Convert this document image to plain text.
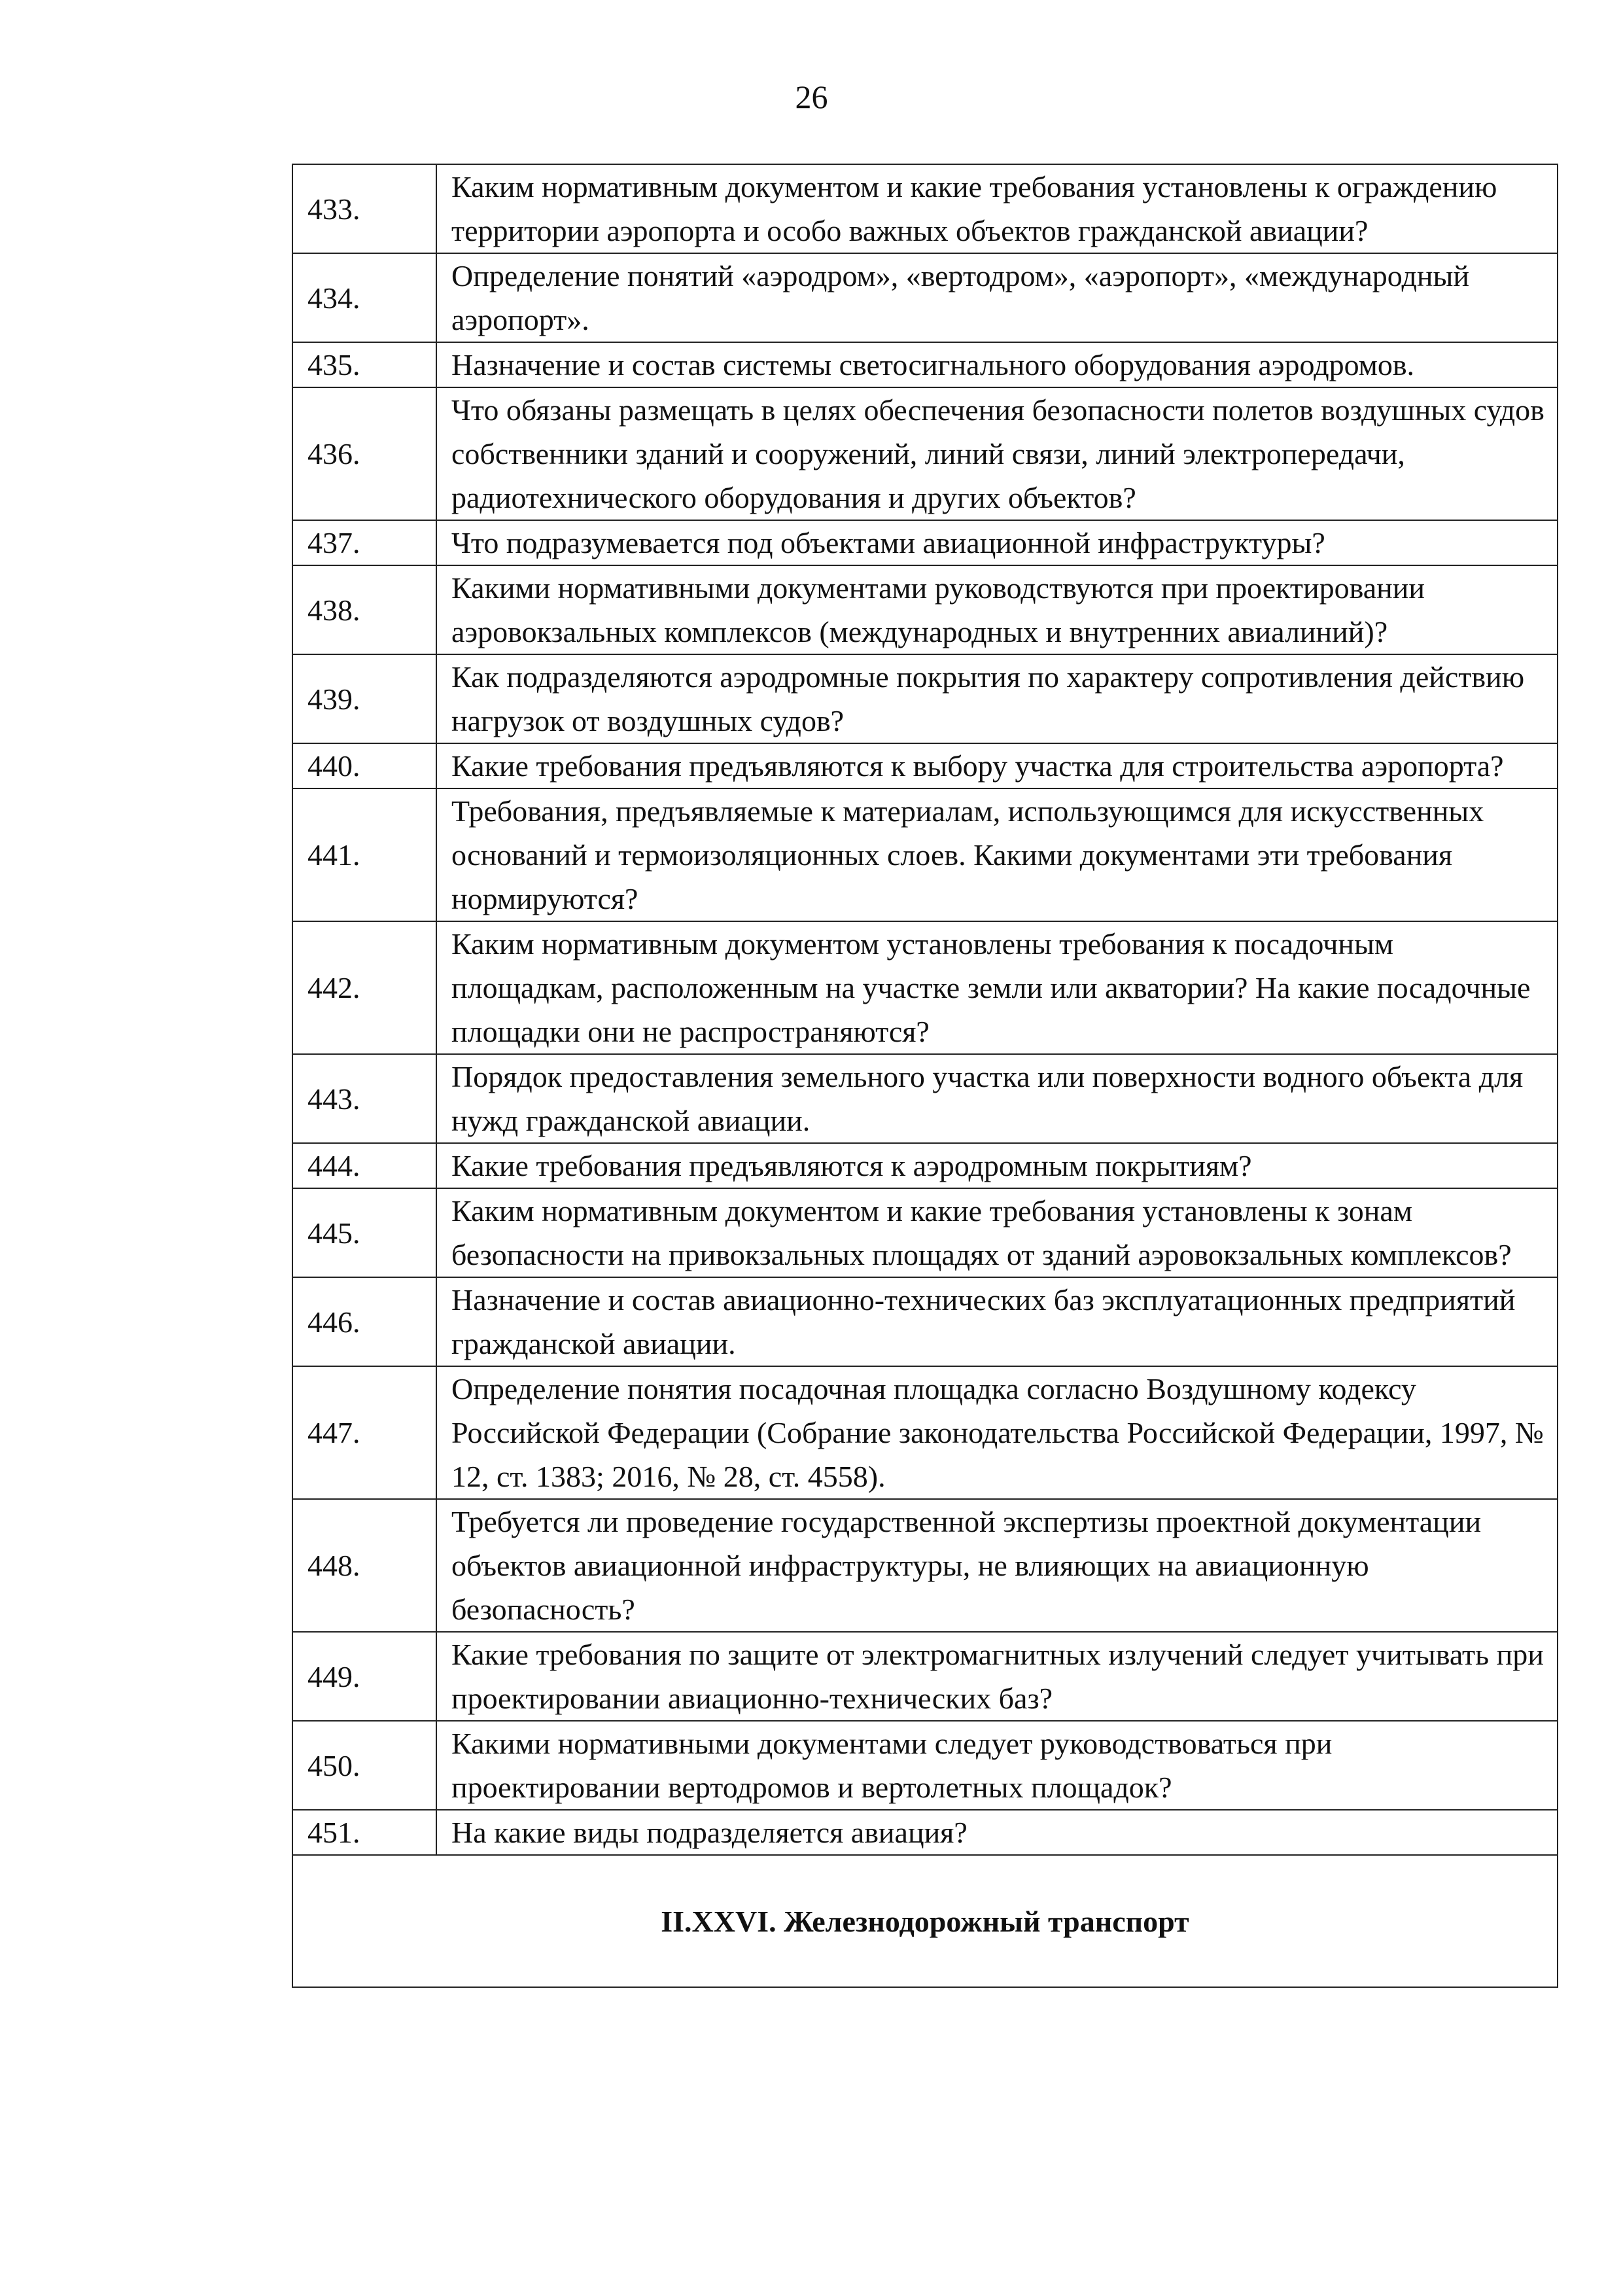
26
433.	Каким нормативным документом и какие требования установлены к ограждению территории аэропорта и особо важных объектов гражданской авиации?
434.	Определение понятий «аэродром», «вертодром», «аэропорт», «международный аэропорт».
435.	Назначение и состав системы светосигнального оборудования аэродромов.
436.	Что обязаны размещать в целях обеспечения безопасности полетов воздушных судов собственники зданий и сооружений, линий связи, линий электропередачи, радиотехнического оборудования и других объектов?
437.	Что подразумевается под объектами авиационной инфраструктуры?
438.	Какими нормативными документами руководствуются при проектировании аэровокзальных комплексов (международных и внутренних авиалиний)?
439.	Как подразделяются аэродромные покрытия по характеру сопротивления действию нагрузок от воздушных судов?
440.	Какие требования предъявляются к выбору участка для строительства аэропорта?
441.	Требования, предъявляемые к материалам, использующимся для искусственных оснований и термоизоляционных слоев. Какими документами эти требования нормируются?
442.	Каким нормативным документом установлены требования к посадочным площадкам, расположенным на участке земли или акватории? На какие посадочные площадки они не распространяются?
443.	Порядок предоставления земельного участка или поверхности водного объекта для нужд гражданской авиации.
444.	Какие требования предъявляются к аэродромным покрытиям?
445.	Каким нормативным документом и какие требования установлены к зонам безопасности на привокзальных площадях от зданий аэровокзальных комплексов?
446.	Назначение и состав авиационно-технических баз эксплуатационных предприятий гражданской авиации.
447.	Определение понятия посадочная площадка согласно Воздушному кодексу Российской Федерации (Собрание законодательства Российской Федерации, 1997, № 12, ст. 1383; 2016, № 28, ст. 4558).
448.	Требуется ли проведение государственной экспертизы проектной документации объектов авиационной инфраструктуры, не влияющих на авиационную безопасность?
449.	Какие требования по защите от электромагнитных излучений следует учитывать при проектировании авиационно-технических баз?
450.	Какими нормативными документами следует руководствоваться при проектировании вертодромов и вертолетных площадок?
451.	На какие виды подразделяется авиация?
II.XXVI. Железнодорожный транспорт	
